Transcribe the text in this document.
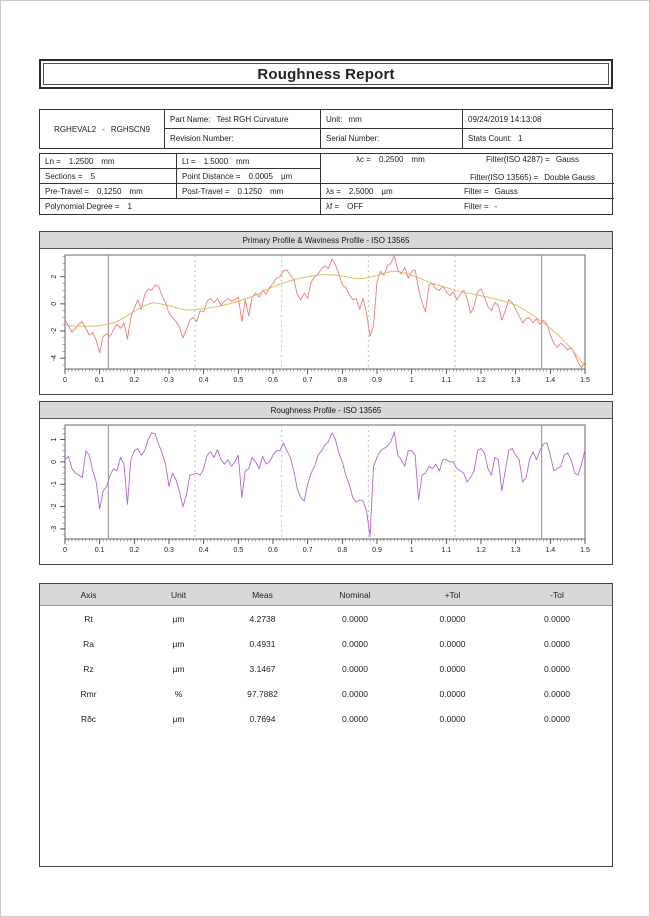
Roughness Report
RGHEVAL2 - RGHSCN9
Part Name: Test RGH Curvature	Unit: mm	09/24/2019 14:13:08
Revision Number:	Serial Number:	Stats Count: 1
Ln = 1.2500 mm	Lt = 1.5000 mm	λc = 0.2500 mm	Filter(ISO 4287) = Gauss
Filter(ISO 13565) = Double Gauss
Sections = 5	Point Distance = 0.0005 µm
Pre-Travel = 0.1250 mm	Post-Travel = 0.1250 mm	λs = 2.5000 µm	Filter = Gauss
Polynomial Degree = 1	λf = OFF	Filter = -
Primary Profile & Waviness Profile - ISO 13565
0	0.1	0.2	0.3	0.4	0.5	0.6	0.7	0.8	0.9	1	1.1	1.2	1.3	1.4	1.5
2
0
-2
-4
Roughness Profile - ISO 13565
0	0.1	0.2	0.3	0.4	0.5	0.6	0.7	0.8	0.9	1	1.1	1.2	1.3	1.4	1.5
1
0
-1
-2
-3
Axis	Unit	Meas	Nominal	+Tol	-Tol
Rt	µm	4.2738	0.0000	0.0000	0.0000
Ra	µm	0.4931	0.0000	0.0000	0.0000
Rz	µm	3.1467	0.0000	0.0000	0.0000
Rmr	%	97.7882	0.0000	0.0000	0.0000
Rδc	µm	0.7694	0.0000	0.0000	0.0000
